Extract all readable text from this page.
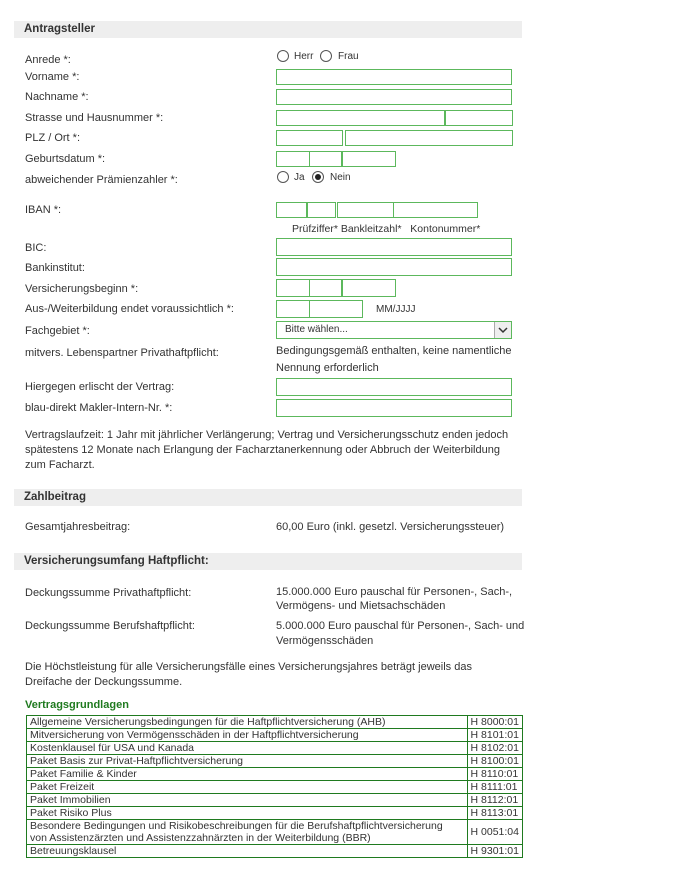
Antragsteller
Anrede *:	Herr Frau
Vorname *:
Nachname *:
Strasse und Hausnummer *:
PLZ / Ort *:
Geburtsdatum *:
abweichender Prämienzahler *:	Ja	Nein
IBAN *:
Prüfziffer* Bankleitzahl*   Kontonummer*
BIC:
Bankinstitut:
Versicherungsbeginn *:
Aus-/Weiterbildung endet voraussichtlich *:	MM/JJJJ
Fachgebiet *:	Bitte wählen...
mitvers. Lebenspartner Privathaftpflicht:	Bedingungsgemäß enthalten, keine namentliche
Nennung erforderlich
Hiergegen erlischt der Vertrag:
blau-direkt Makler-Intern-Nr. *:
Vertragslaufzeit: 1 Jahr mit jährlicher Verlängerung; Vertrag und Versicherungsschutz enden jedoch
spätestens 12 Monate nach Erlangung der Facharztanerkennung oder Abbruch der Weiterbildung
zum Facharzt.
Zahlbeitrag
Gesamtjahresbeitrag:	60,00 Euro (inkl. gesetzl. Versicherungssteuer)
Versicherungsumfang Haftpflicht:
Deckungssumme Privathaftpflicht:	15.000.000 Euro pauschal für Personen-, Sach-,
Vermögens- und Mietsachschäden
Deckungssumme Berufshaftpflicht:	5.000.000 Euro pauschal für Personen-, Sach- und
Vermögensschäden
Die Höchstleistung für alle Versicherungsfälle eines Versicherungsjahres beträgt jeweils das
Dreifache der Deckungssumme.
Vertragsgrundlagen
Allgemeine Versicherungsbedingungen für die Haftpflichtversicherung (AHB)	H 8000:01
Mitversicherung von Vermögensschäden in der Haftpflichtversicherung	H 8101:01
Kostenklausel für USA und Kanada	H 8102:01
Paket Basis zur Privat-Haftpflichtversicherung	H 8100:01
Paket Familie & Kinder	H 8110:01
Paket Freizeit	H 8111:01
Paket Immobilien	H 8112:01
Paket Risiko Plus	H 8113:01

Besondere Bedingungen und Risikobeschreibungen für die Berufshaftpflichtversicherung
von Assistenzärzten und Assistenzzahnärzten in der Weiterbildung (BBR)	H 0051:04
Betreuungsklausel	H 9301:01
